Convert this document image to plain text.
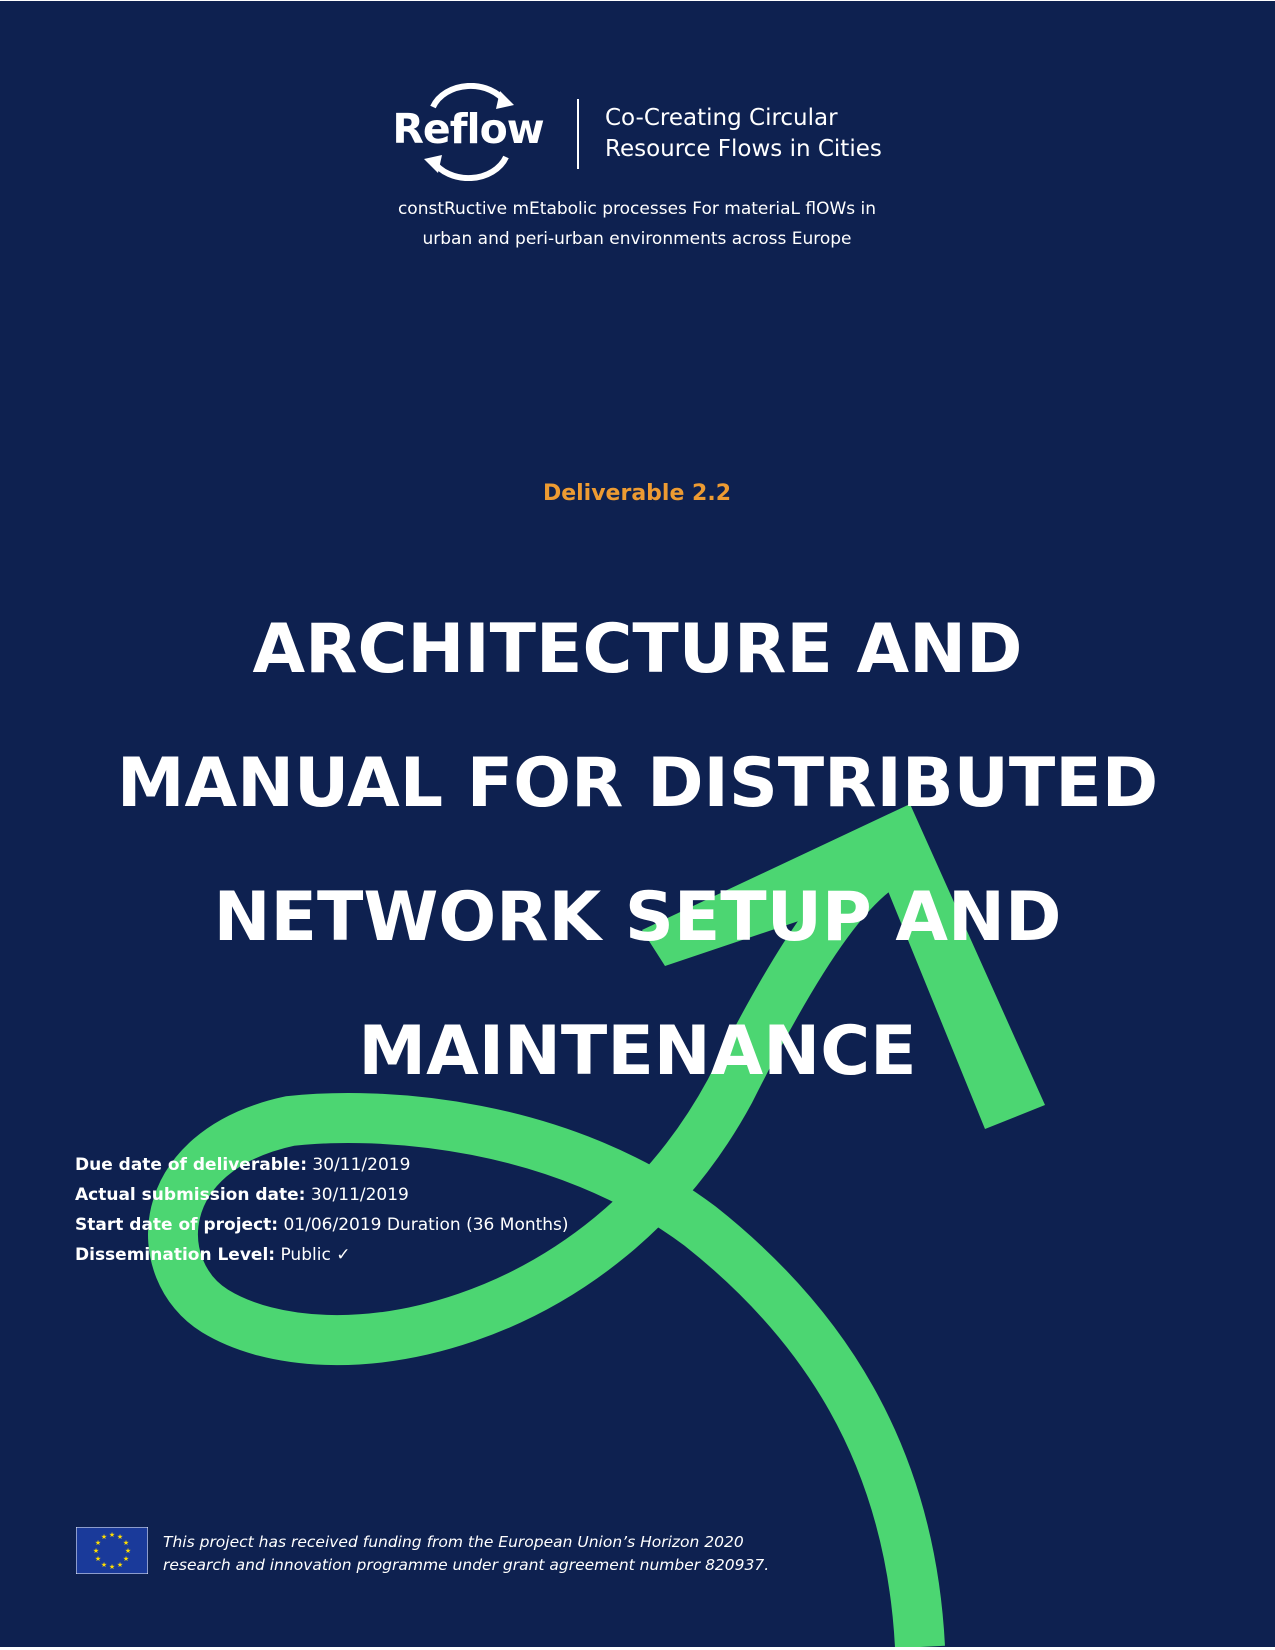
Reflow	Co-Creating Circular
Resource Flows in Cities
constRuctive mEtabolic processes For materiaL flOWs in
urban and peri-urban environments across Europe
Deliverable 2.2
ARCHITECTURE AND
MANUAL FOR DISTRIBUTED
NETWORK SETUP AND
MAINTENANCE
Due date of deliverable: 30/11/2019
Actual submission date: 30/11/2019
Start date of project: 01/06/2019 Duration (36 Months)
Dissemination Level: Public ✓
★ ★
★
★
★
★
★
★
★
★
★
★	This project has received funding from the European Union’s Horizon 2020
research and innovation programme under grant agreement number 820937.
